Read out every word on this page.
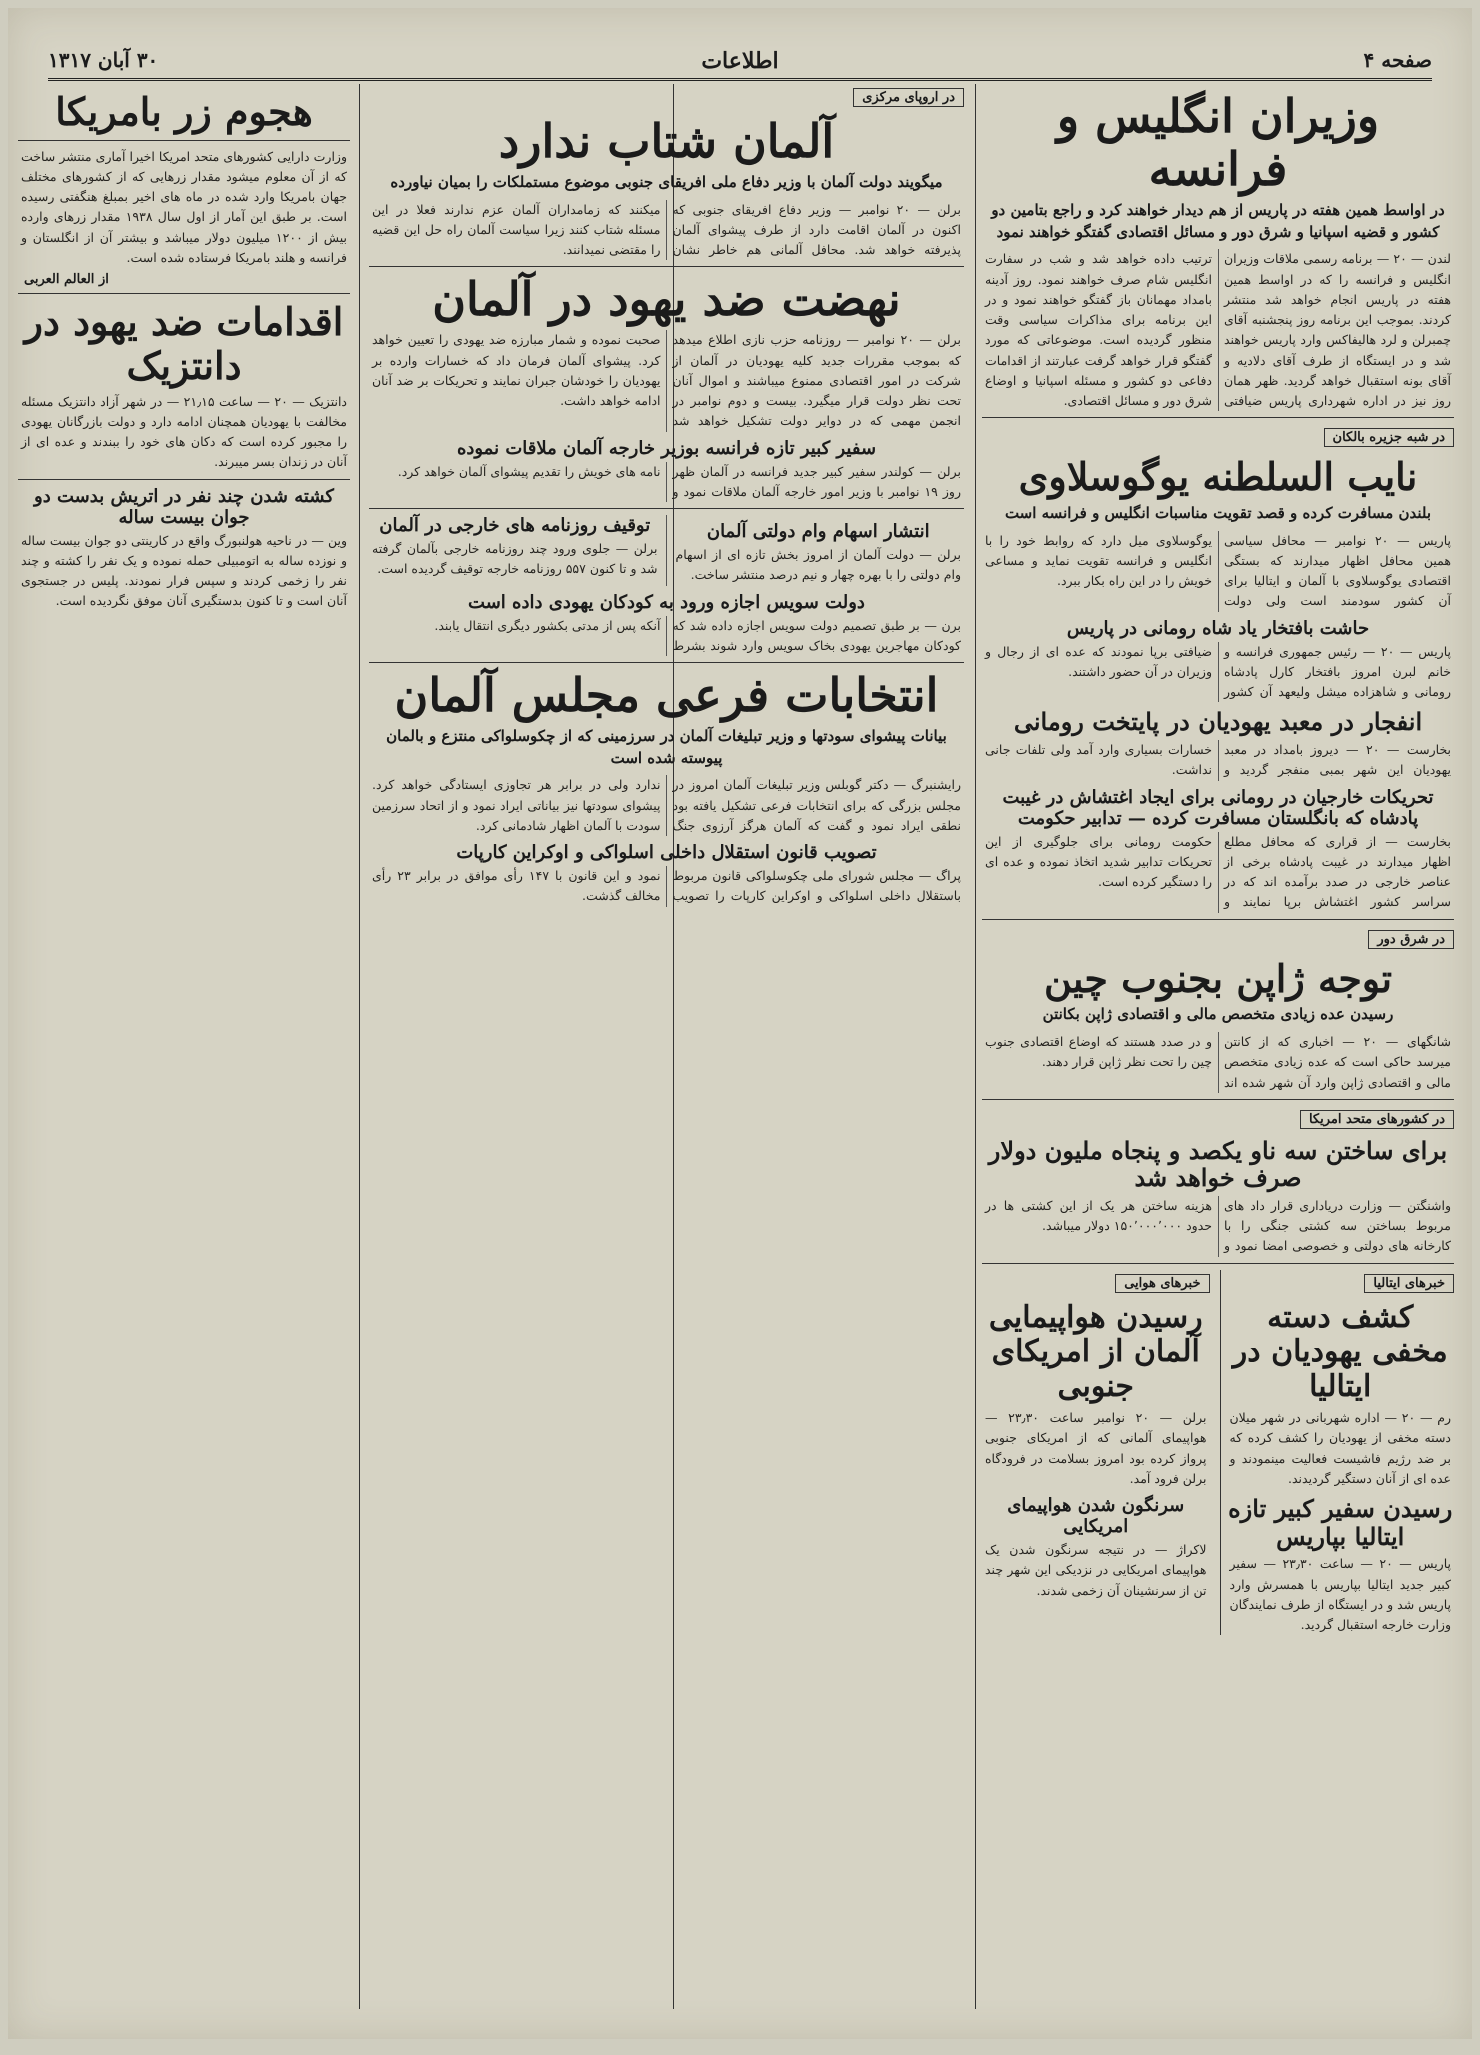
صفحه ۴
اطلاعات
۳۰ آبان ۱۳۱۷
وزیران انگلیس و فرانسه
در اواسط همین هفته در پاریس از هم دیدار خواهند کرد و راجع بتامین دو کشور و قضیه اسپانیا و شرق دور و مسائل اقتصادی گفتگو خواهند نمود
لندن — ۲۰ — برنامه رسمی ملاقات وزیران انگلیس و فرانسه را که در اواسط همین هفته در پاریس انجام خواهد شد منتشر کردند. بموجب این برنامه روز پنجشنبه آقای چمبرلن و لرد هالیفاکس وارد پاریس خواهند شد و در ایستگاه از طرف آقای دلادیه و آقای بونه استقبال خواهد گردید. ظهر همان روز نیز در اداره شهرداری پاریس ضیافتی ترتیب داده خواهد شد و شب در سفارت انگلیس شام صرف خواهند نمود. روز آدینه بامداد مهمانان باز گفتگو خواهند نمود و در این برنامه برای مذاکرات سیاسی وقت منظور گردیده است. موضوعاتی که مورد گفتگو قرار خواهد گرفت عبارتند از اقدامات دفاعی دو کشور و مسئله اسپانیا و اوضاع شرق دور و مسائل اقتصادی.
در شبه جزیره بالکان
نایب السلطنه یوگوسلاوی
بلندن مسافرت کرده و قصد تقویت مناسبات انگلیس و فرانسه است
پاریس — ۲۰ نوامبر — محافل سیاسی همین محافل اظهار میدارند که بستگی اقتصادی یوگوسلاوی با آلمان و ایتالیا برای آن کشور سودمند است ولی دولت یوگوسلاوی میل دارد که روابط خود را با انگلیس و فرانسه تقویت نماید و مساعی خویش را در این راه بکار ببرد.
حاشت بافتخار یاد شاه رومانی در پاریس
پاریس — ۲۰ — رئیس جمهوری فرانسه و خانم لبرن امروز بافتخار کارل پادشاه رومانی و شاهزاده میشل ولیعهد آن کشور ضیافتی برپا نمودند که عده ای از رجال و وزیران در آن حضور داشتند.
انفجار در معبد یهودیان در پایتخت رومانی
بخارست — ۲۰ — دیروز بامداد در معبد یهودیان این شهر بمبی منفجر گردید و خسارات بسیاری وارد آمد ولی تلفات جانی نداشت.
تحریکات خارجیان در رومانی برای ایجاد اغتشاش در غیبت پادشاه که بانگلستان مسافرت کرده — تدابیر حکومت
بخارست — از قراری که محافل مطلع اظهار میدارند در غیبت پادشاه برخی از عناصر خارجی در صدد برآمده اند که در سراسر کشور اغتشاش برپا نمایند و حکومت رومانی برای جلوگیری از این تحریکات تدابیر شدید اتخاذ نموده و عده ای را دستگیر کرده است.
در شرق دور
توجه ژاپن بجنوب چین
رسیدن عده زیادی متخصص مالی و اقتصادی ژاپن بکانتن
شانگهای — ۲۰ — اخباری که از کانتن میرسد حاکی است که عده زیادی متخصص مالی و اقتصادی ژاپن وارد آن شهر شده اند و در صدد هستند که اوضاع اقتصادی جنوب چین را تحت نظر ژاپن قرار دهند.
در کشورهای متحد امریکا
برای ساختن سه ناو یکصد و پنجاه ملیون دولار صرف خواهد شد
واشنگتن — وزارت دریاداری قرار داد های مربوط بساختن سه کشتی جنگی را با کارخانه های دولتی و خصوصی امضا نمود و هزینه ساختن هر یک از این کشتی ها در حدود ۱۵۰٬۰۰۰٬۰۰۰ دولار میباشد.
خبرهای ایتالیا
کشف دسته مخفی یهودیان در ایتالیا
رم — ۲۰ — اداره شهربانی در شهر میلان دسته مخفی از یهودیان را کشف کرده که بر ضد رژیم فاشیست فعالیت مینمودند و عده ای از آنان دستگیر گردیدند.
رسیدن سفیر کبیر تازه ایتالیا بپاریس
پاریس — ۲۰ — ساعت ۲۳٫۳۰ — سفیر کبیر جدید ایتالیا بپاریس با همسرش وارد پاریس شد و در ایستگاه از طرف نمایندگان وزارت خارجه استقبال گردید.
خبرهای هوایی
رسیدن هواپیمایی آلمان از امریکای جنوبی
برلن — ۲۰ نوامبر ساعت ۲۳٫۳۰ — هواپیمای آلمانی که از امریکای جنوبی پرواز کرده بود امروز بسلامت در فرودگاه برلن فرود آمد.
سرنگون شدن هواپیمای امریکایی
لاکراژ — در نتیجه سرنگون شدن یک هواپیمای امریکایی در نزدیکی این شهر چند تن از سرنشینان آن زخمی شدند.
در اروپای مرکزی
آلمان شتاب ندارد
میگویند دولت آلمان با وزیر دفاع ملی افریقای جنوبی موضوع مستملکات را بمیان نیاورده
برلن — ۲۰ نوامبر — وزیر دفاع افریقای جنوبی که اکنون در آلمان اقامت دارد از طرف پیشوای آلمان پذیرفته خواهد شد. محافل آلمانی هم خاطر نشان میکنند که زمامداران آلمان عزم ندارند فعلا در این مسئله شتاب کنند زیرا سیاست آلمان راه حل این قضیه را مقتضی نمیدانند.
نهضت ضد یهود در آلمان
برلن — ۲۰ نوامبر — روزنامه حزب نازی اطلاع میدهد که بموجب مقررات جدید کلیه یهودیان در آلمان از شرکت در امور اقتصادی ممنوع میباشند و اموال آنان تحت نظر دولت قرار میگیرد. بیست و دوم نوامبر در انجمن مهمی که در دوایر دولت تشکیل خواهد شد صحبت نموده و شمار مبارزه ضد یهودی را تعیین خواهد کرد. پیشوای آلمان فرمان داد که خسارات وارده بر یهودیان را خودشان جبران نمایند و تحریکات بر ضد آنان ادامه خواهد داشت.
سفیر کبیر تازه فرانسه بوزیر خارجه آلمان ملاقات نموده
برلن — کولندر سفیر کبیر جدید فرانسه در آلمان ظهر روز ۱۹ نوامبر با وزیر امور خارجه آلمان ملاقات نمود و نامه های خویش را تقدیم پیشوای آلمان خواهد کرد.
انتشار اسهام وام دولتی آلمان
برلن — دولت آلمان از امروز بخش تازه ای از اسهام وام دولتی را با بهره چهار و نیم درصد منتشر ساخت.
توقیف روزنامه های خارجی در آلمان
برلن — جلوی ورود چند روزنامه خارجی بآلمان گرفته شد و تا کنون ۵۵۷ روزنامه خارجه توقیف گردیده است.
دولت سویس اجازه ورود به کودکان یهودی داده است
برن — بر طبق تصمیم دولت سویس اجازه داده شد که کودکان مهاجرین یهودی بخاک سویس وارد شوند بشرط آنکه پس از مدتی بکشور دیگری انتقال یابند.
انتخابات فرعی مجلس آلمان
بیانات پیشوای سودتها و وزیر تبلیغات آلمان در سرزمینی که از چکوسلواکی منتزع و بالمان پیوسته شده است
رایشنبرگ — دکتر گوبلس وزیر تبلیغات آلمان امروز در مجلس بزرگی که برای انتخابات فرعی تشکیل یافته بود نطقی ایراد نمود و گفت که آلمان هرگز آرزوی جنگ ندارد ولی در برابر هر تجاوزی ایستادگی خواهد کرد. پیشوای سودتها نیز بیاناتی ایراد نمود و از اتحاد سرزمین سودت با آلمان اظهار شادمانی کرد.
تصویب قانون استقلال داخلی اسلواکی و اوکراین کارپات
پراگ — مجلس شورای ملی چکوسلواکی قانون مربوط باستقلال داخلی اسلواکی و اوکراین کارپات را تصویب نمود و این قانون با ۱۴۷ رأی موافق در برابر ۲۳ رأی مخالف گذشت.
هجوم زر بامریکا
وزارت دارایی کشورهای متحد امریکا اخیرا آماری منتشر ساخت که از آن معلوم میشود مقدار زرهایی که از کشورهای مختلف جهان بامریکا وارد شده در ماه های اخیر بمبلغ هنگفتی رسیده است. بر طبق این آمار از اول سال ۱۹۳۸ مقدار زرهای وارده بیش از ۱۲۰۰ میلیون دولار میباشد و بیشتر آن از انگلستان و فرانسه و هلند بامریکا فرستاده شده است.
از العالم العربی
اقدامات ضد یهود در دانتزیک
دانتزیک — ۲۰ — ساعت ۲۱٫۱۵ — در شهر آزاد دانتزیک مسئله مخالفت با یهودیان همچنان ادامه دارد و دولت بازرگانان یهودی را مجبور کرده است که دکان های خود را ببندند و عده ای از آنان در زندان بسر میبرند.
کشته شدن چند نفر در اتریش بدست دو جوان بیست ساله
وین — در ناحیه هولنبورگ واقع در کارینتی دو جوان بیست ساله و نوزده ساله به اتومبیلی حمله نموده و یک نفر را کشته و چند نفر را زخمی کردند و سپس فرار نمودند. پلیس در جستجوی آنان است و تا کنون بدستگیری آنان موفق نگردیده است.
